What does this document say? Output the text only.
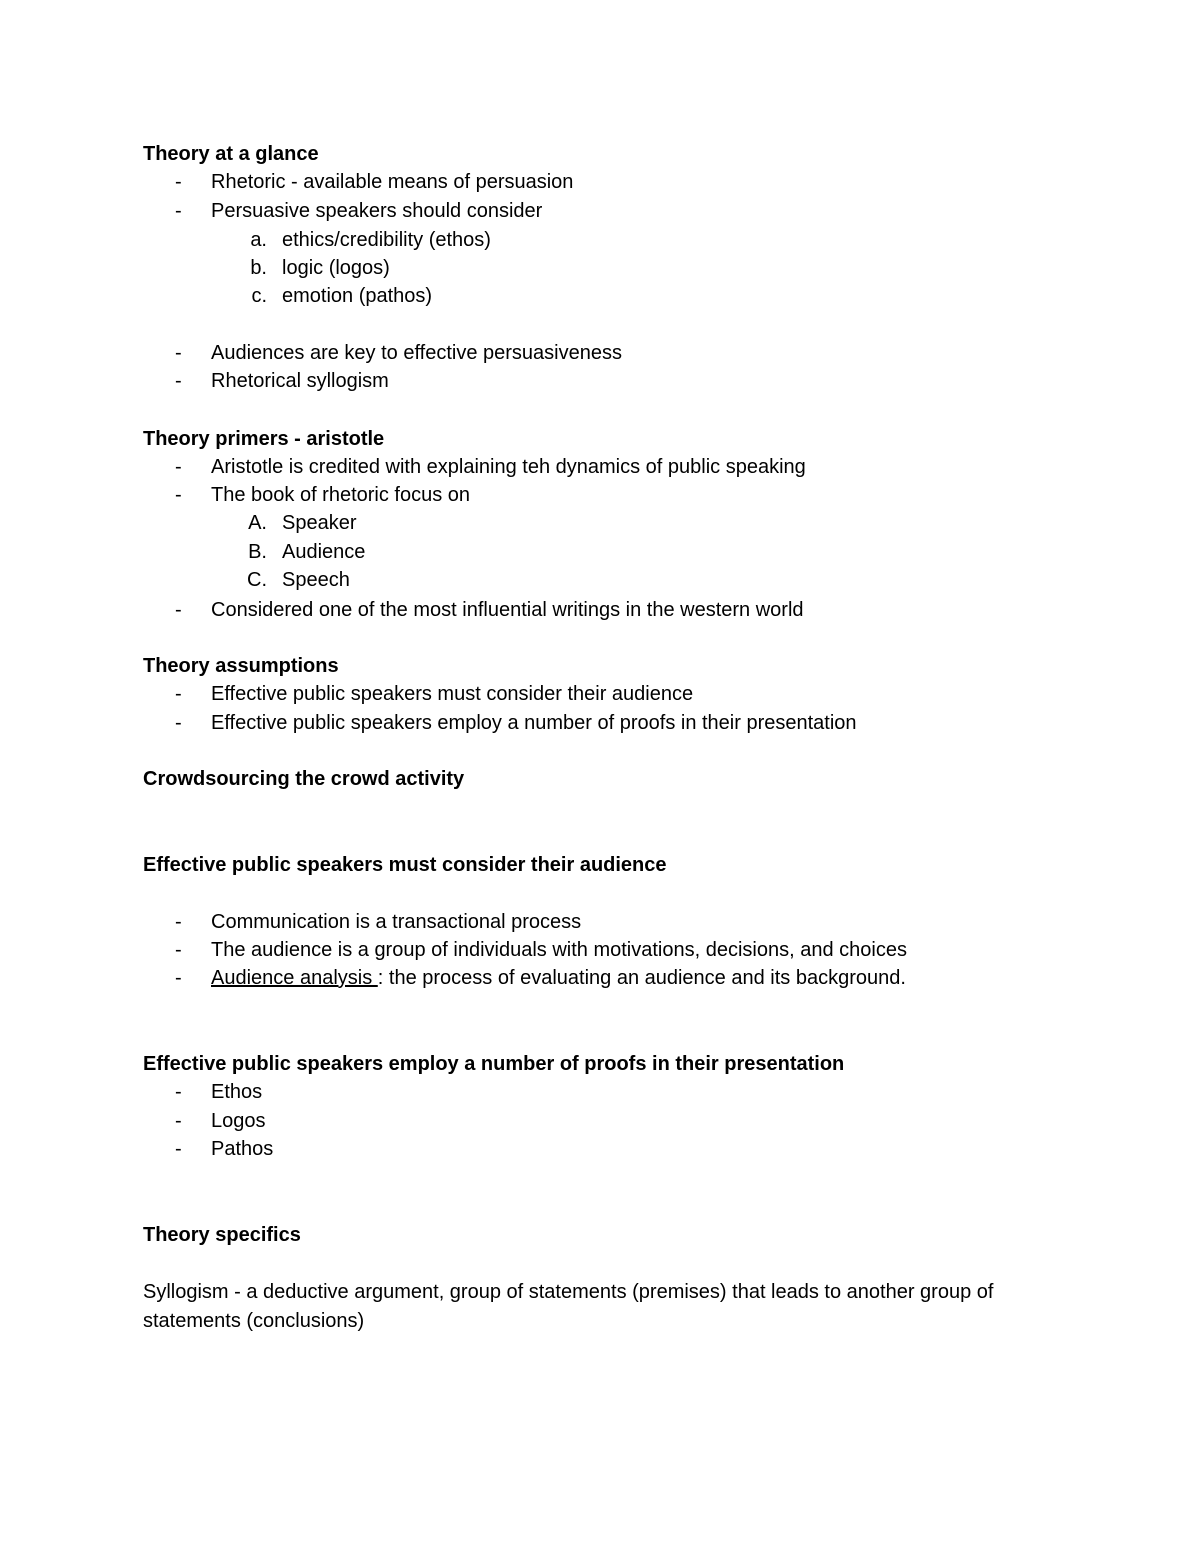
Theory at a glance
-	Rhetoric - available means of persuasion
-	Persuasive speakers should consider
a. ethics/credibility (ethos)
b. logic (logos)
c. emotion (pathos)
-	Audiences are key to effective persuasiveness
-	Rhetorical syllogism
Theory primers - aristotle
-	Aristotle is credited with explaining teh dynamics of public speaking
-	The book of rhetoric focus on
A. Speaker
B. Audience
C. Speech
-	Considered one of the most influential writings in the western world
Theory assumptions
-	Effective public speakers must consider their audience
-	Effective public speakers employ a number of proofs in their presentation
Crowdsourcing the crowd activity
Effective public speakers must consider their audience
-	Communication is a transactional process
-	The audience is a group of individuals with motivations, decisions, and choices
-	Audience analysis : the process of evaluating an audience and its background.
Effective public speakers employ a number of proofs in their presentation
-	Ethos
-	Logos
-	Pathos
Theory specifics
Syllogism - a deductive argument, group of statements (premises) that leads to another group of statements (conclusions)
